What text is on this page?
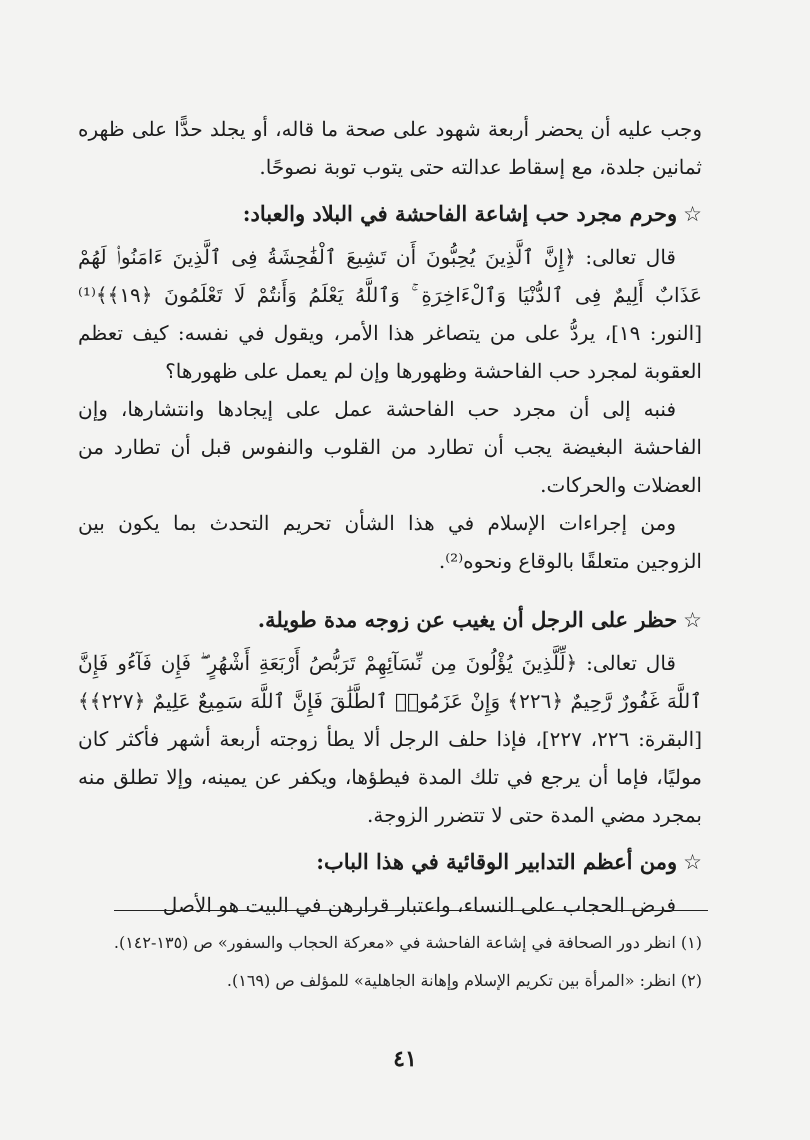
وجب عليه أن يحضر أربعة شهود على صحة ما قاله، أو يجلد حدًّا على ظهره ثمانين جلدة، مع إسقاط عدالته حتى يتوب توبة نصوحًا.

☆وحرم مجرد حب إشاعة الفاحشة في البلاد والعباد:

قال تعالى: ﴿إِنَّ ٱلَّذِينَ يُحِبُّونَ أَن تَشِيعَ ٱلْفَٰحِشَةُ فِى ٱلَّذِينَ ءَامَنُوا۟ لَهُمْ عَذَابٌ أَلِيمٌ فِى ٱلدُّنْيَا وَٱلْءَاخِرَةِ ۚ وَٱللَّهُ يَعْلَمُ وَأَنتُمْ لَا تَعْلَمُونَ ﴿١٩﴾﴾⁽¹⁾ [النور: ١٩]، يردُّ على من يتصاغر هذا الأمر، ويقول في نفسه: كيف تعظم العقوبة لمجرد حب الفاحشة وظهورها وإن لم يعمل على ظهورها؟

فنبه إلى أن مجرد حب الفاحشة عمل على إيجادها وانتشارها، وإن الفاحشة البغيضة يجب أن تطارد من القلوب والنفوس قبل أن تطارد من العضلات والحركات.

ومن إجراءات الإسلام في هذا الشأن تحريم التحدث بما يكون بين الزوجين متعلقًا بالوقاع ونحوه⁽²⁾.

☆حظر على الرجل أن يغيب عن زوجه مدة طويلة.

قال تعالى: ﴿لِّلَّذِينَ يُؤْلُونَ مِن نِّسَآئِهِمْ تَرَبُّصُ أَرْبَعَةِ أَشْهُرٍ ۖ فَإِن فَآءُو فَإِنَّ ٱللَّهَ غَفُورٌ رَّحِيمٌ ﴿٢٢٦﴾ وَإِنْ عَزَمُوا۟ ٱلطَّلَٰقَ فَإِنَّ ٱللَّهَ سَمِيعٌ عَلِيمٌ ﴿٢٢٧﴾﴾ [البقرة: ٢٢٦، ٢٢٧]، فإذا حلف الرجل ألا يطأ زوجته أربعة أشهر فأكثر كان موليًا، فإما أن يرجع في تلك المدة فيطؤها، ويكفر عن يمينه، وإلا تطلق منه بمجرد مضي المدة حتى لا تتضرر الزوجة.

☆ومن أعظم التدابير الوقائية في هذا الباب:

فرض الحجاب على النساء، واعتبار قرارهن في البيت هو الأصل

(١) انظر دور الصحافة في إشاعة الفاحشة في «معركة الحجاب والسفور» ص (١٣٥-١٤٢).

(٢) انظر: «المرأة بين تكريم الإسلام وإهانة الجاهلية» للمؤلف ص (١٦٩).

٤١
